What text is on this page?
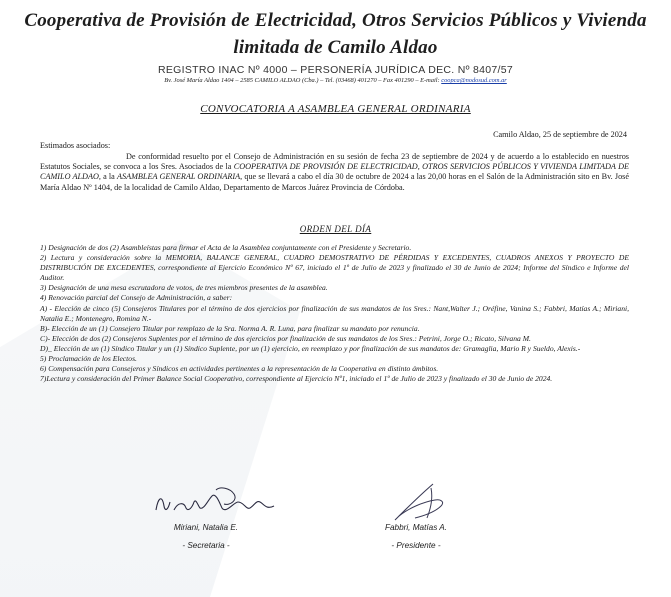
Cooperativa de Provisión de Electricidad, Otros Servicios Públicos y Vivienda
limitada de Camilo Aldao
REGISTRO INAC Nº 4000 – PERSONERÍA JURÍDICA DEC. Nº 8407/57
Bv. José María Aldao 1404 – 2585 CAMILO ALDAO (Cba.) – Tel. (03468) 401270 – Fax 401290 – E-mail: coopca@nodosud.com.ar
CONVOCATORIA A ASAMBLEA GENERAL ORDINARIA
Camilo Aldao, 25 de septiembre de 2024
Estimados asociados:
De conformidad resuelto por el Consejo de Administración en su sesión de fecha 23 de septiembre de 2024 y de acuerdo a lo establecido en nuestros Estatutos Sociales, se convoca a los Sres. Asociados de la COOPERATIVA DE PROVISIÓN DE ELECTRICIDAD, OTROS SERVICIOS PÚBLICOS Y VIVIENDA LIMITADA DE CAMILO ALDAO, a la ASAMBLEA GENERAL ORDINARIA, que se llevará a cabo el día 30 de octubre de 2024 a las 20,00 horas en el Salón de la Administración sito en Bv. José María Aldao Nº 1404, de la localidad de Camilo Aldao, Departamento de Marcos Juárez Provincia de Córdoba.
ORDEN DEL DÍA

1) Designación de dos (2) Asambleístas para firmar el Acta de la Asamblea conjuntamente con el Presidente y Secretario.

2) Lectura y consideración sobre la MEMORIA, BALANCE GENERAL, CUADRO DEMOSTRATIVO DE PÉRDIDAS Y EXCEDENTES, CUADROS ANEXOS Y PROYECTO DE DISTRIBUCIÓN DE EXCEDENTES, correspondiente al Ejercicio Económico Nº 67, iniciado el 1º de Julio de 2023 y finalizado el 30 de Junio de 2024; Informe del Síndico e Informe del Auditor.

3) Designación de una mesa escrutadora de votos, de tres miembros presentes de la asamblea.

4) Renovación parcial del Consejo de Administración, a saber:

A) - Elección de cinco (5) Consejeros Titulares por el término de dos ejercicios por finalización de sus mandatos de los Sres.: Nant,Walter J.; Oréfine, Vanina S.; Fabbri, Matías A.; Miriani, Natalia E.; Montenegro, Romina N.-

B)- Elección de un (1) Consejero Titular por remplazo de la Sra. Norma A. R. Luna, para finalizar su mandato por renuncia.

C)- Elección de dos (2) Consejeros Suplentes por el término de dos ejercicios por finalización de sus mandatos de los Sres.: Petrini, Jorge O.; Ricato, Silvana M.

D)_ Elección de un (1) Síndico Titular y un (1) Síndico Suplente, por un (1) ejercicio, en reemplazo y por finalización de sus mandatos de: Gramaglia, Mario R y Sueldo, Alexis.-

5) Proclamación de los Electos.

6) Compensación para Consejeros y Síndicos en actividades pertinentes a la representación de la Cooperativa en distinto ámbitos.

7)Lectura y consideración del Primer Balance Social Cooperativo, correspondiente al Ejercicio Nº1, iniciado el 1º de Julio de 2023 y finalizado el 30 de Junio de 2024.

Miriani, Natalia E.
- Secretaria -
Fabbri, Matías A.
- Presidente -
